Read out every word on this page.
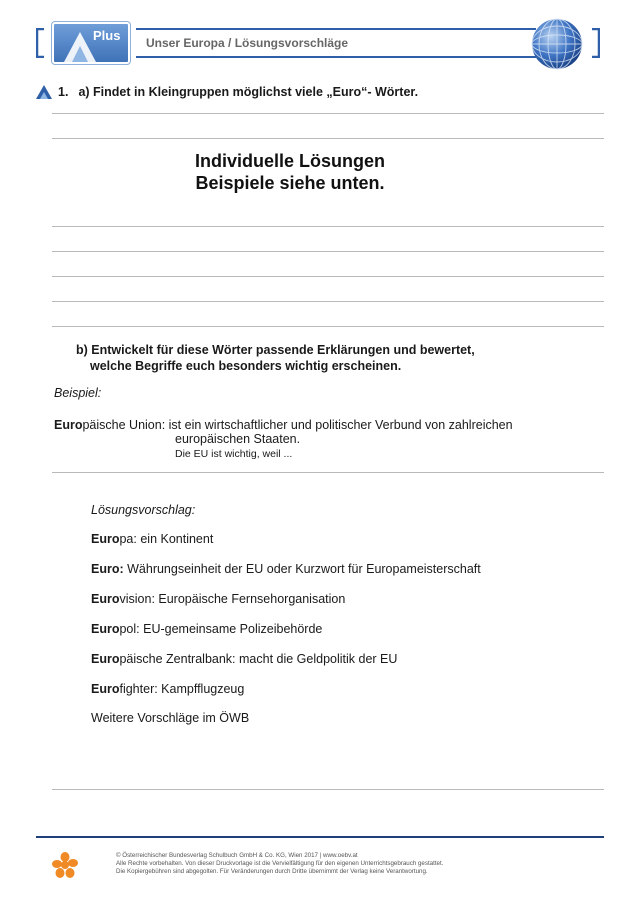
Plus Unser Europa / Lösungsvorschläge
1. a) Findet in Kleingruppen möglichst viele „Euro“- Wörter.
Individuelle Lösungen
Beispiele siehe unten.
b) Entwickelt für diese Wörter passende Erklärungen und bewertet,
welche Begriffe euch besonders wichtig erscheinen.
Beispiel:
Europäische Union: ist ein wirtschaftlicher und politischer Verbund von zahlreichen
europäischen Staaten.
Die EU ist wichtig, weil ...
Lösungsvorschlag:
Europa: ein Kontinent
Euro: Währungseinheit der EU oder Kurzwort für Europameisterschaft
Eurovision: Europäische Fernsehorganisation
Europol: EU-gemeinsame Polizeibehörde
Europäische Zentralbank: macht die Geldpolitik der EU
Eurofighter: Kampfflugzeug
Weitere Vorschläge im ÖWB
© Österreichischer Bundesverlag Schulbuch GmbH & Co. KG, Wien 2017 | www.oebv.at
Alle Rechte vorbehalten. Von dieser Druckvorlage ist die Vervielfältigung für den eigenen Unterrichtsgebrauch gestattet.
Die Kopiergebühren sind abgegolten. Für Veränderungen durch Dritte übernimmt der Verlag keine Verantwortung.
